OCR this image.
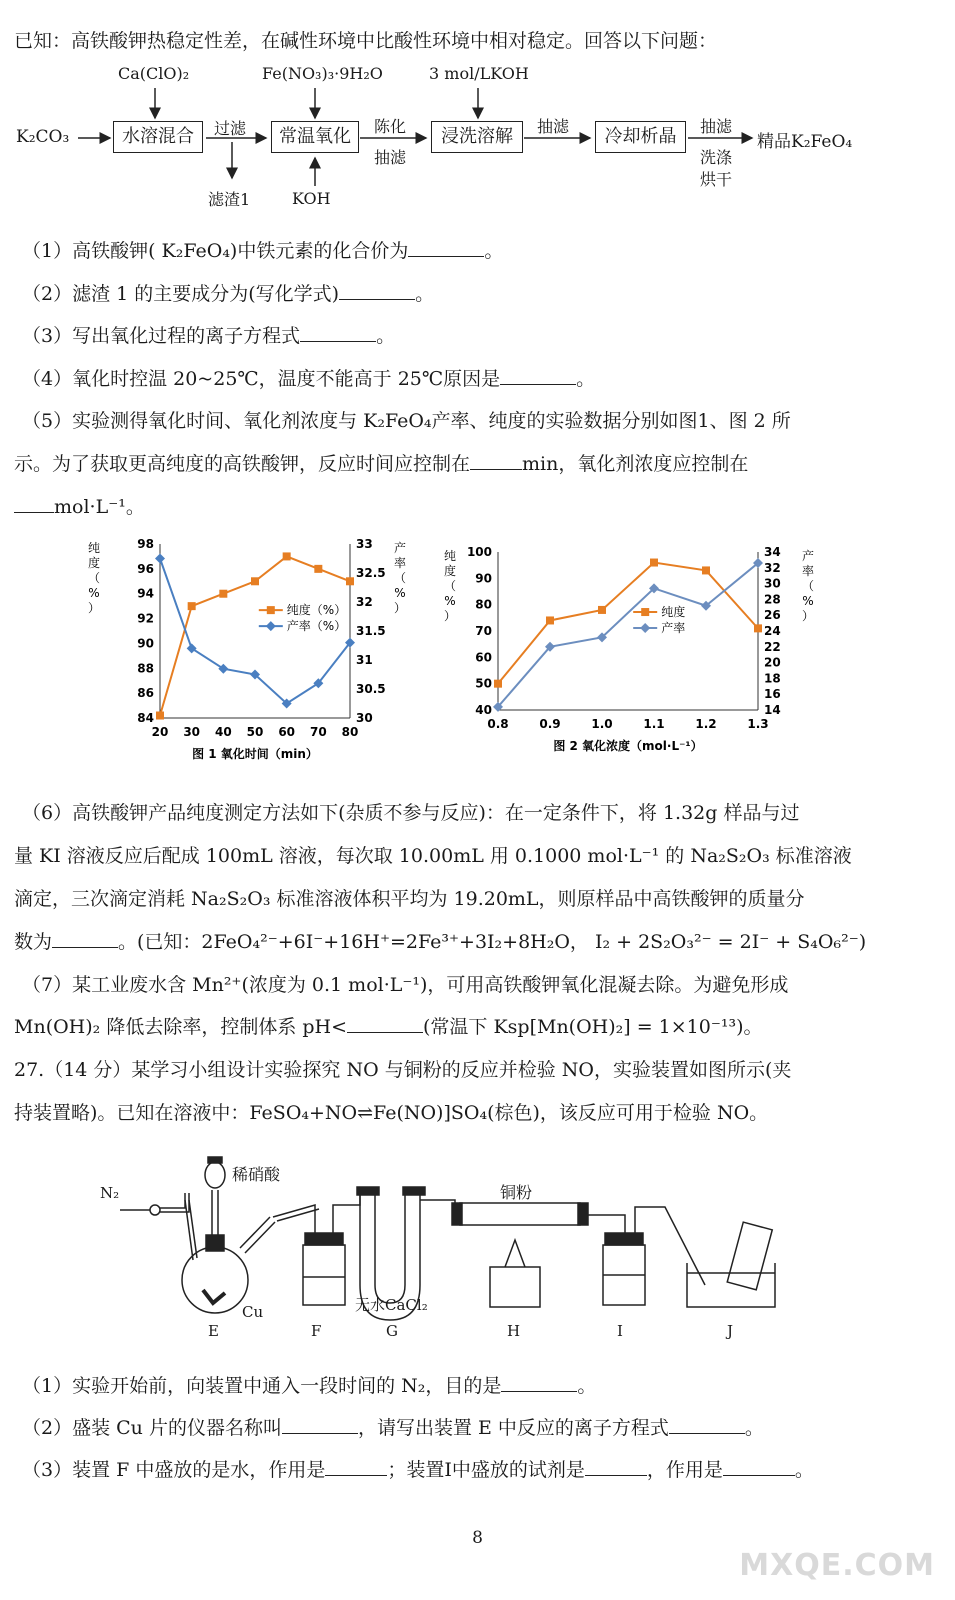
已知：高铁酸钾热稳定性差，在碱性环境中比酸性环境中相对稳定。回答以下问题：
K₂CO₃	水溶混合
Ca(ClO)₂
过滤
滤渣1
常温氧化
Fe(NO₃)₃·9H₂O
KOH
陈化
抽滤
浸洗溶解
3 mol/LKOH
抽滤	冷却析晶	抽滤
洗涤
烘干
精品K₂FeO₄
（1）高铁酸钾( K₂FeO₄)中铁元素的化合价为	。
（2）滤渣 1 的主要成分为(写化学式)	。
（3）写出氧化过程的离子方程式	。
（4）氧化时控温 20~25℃，温度不能高于 25℃原因是	。
（5）实验测得氧化时间、氧化剂浓度与 K₂FeO₄产率、纯度的实验数据分别如图1、图 2 所
示。为了获取更高纯度的高铁酸钾，反应时间应控制在	min，氧化剂浓度应控制在
mol·L⁻¹。
84
86
88
90
92
94
96
98
30
30.5
31
31.5
32
32.5
33
20 30 40 50 60 70 80
纯度（%）
产率（%）
纯度（%）
产率（%）
图 1 氧化时间（min）
40
50
60
70
80
90
100
14
16
18
20
22
24
26
28
30
32
34
0.8	0.9	1.0	1.1	1.2	1.3
纯度（%）
产率（%）
纯度
产率
图 2 氧化浓度（mol·L⁻¹）
（6）高铁酸钾产品纯度测定方法如下(杂质不参与反应)：在一定条件下，将 1.32g 样品与过
量 KI 溶液反应后配成 100mL 溶液，每次取 10.00mL 用 0.1000 mol·L⁻¹ 的 Na₂S₂O₃ 标准溶液
滴定，三次滴定消耗 Na₂S₂O₃ 标准溶液体积平均为 19.20mL，则原样品中高铁酸钾的质量分
数为	。(已知：2FeO₄²⁻+6I⁻+16H⁺=2Fe³⁺+3I₂+8H₂O， I₂ + 2S₂O₃²⁻ = 2I⁻ + S₄O₆²⁻)
（7）某工业废水含 Mn²⁺(浓度为 0.1 mol·L⁻¹)，可用高铁酸钾氧化混凝去除。为避免形成
Mn(OH)₂ 降低去除率，控制体系 pH<	(常温下 Ksp[Mn(OH)₂] = 1×10⁻¹³)。
27.（14 分）某学习小组设计实验探究 NO 与铜粉的反应并检验 NO，实验装置如图所示(夹
持装置略)。已知在溶液中：FeSO₄+NO⇌Fe(NO)]SO₄(棕色)，该反应可用于检验 NO。
N₂
稀硝酸
铜粉
Cu	无水CaCl₂
E	F	G	H	I	J
（1）实验开始前，向装置中通入一段时间的 N₂，目的是	。
（2）盛装 Cu 片的仪器名称叫	，请写出装置 E 中反应的离子方程式	。
（3）装置 F 中盛放的是水，作用是	；装置I中盛放的试剂是	，作用是	。
8
MXQE.COM
